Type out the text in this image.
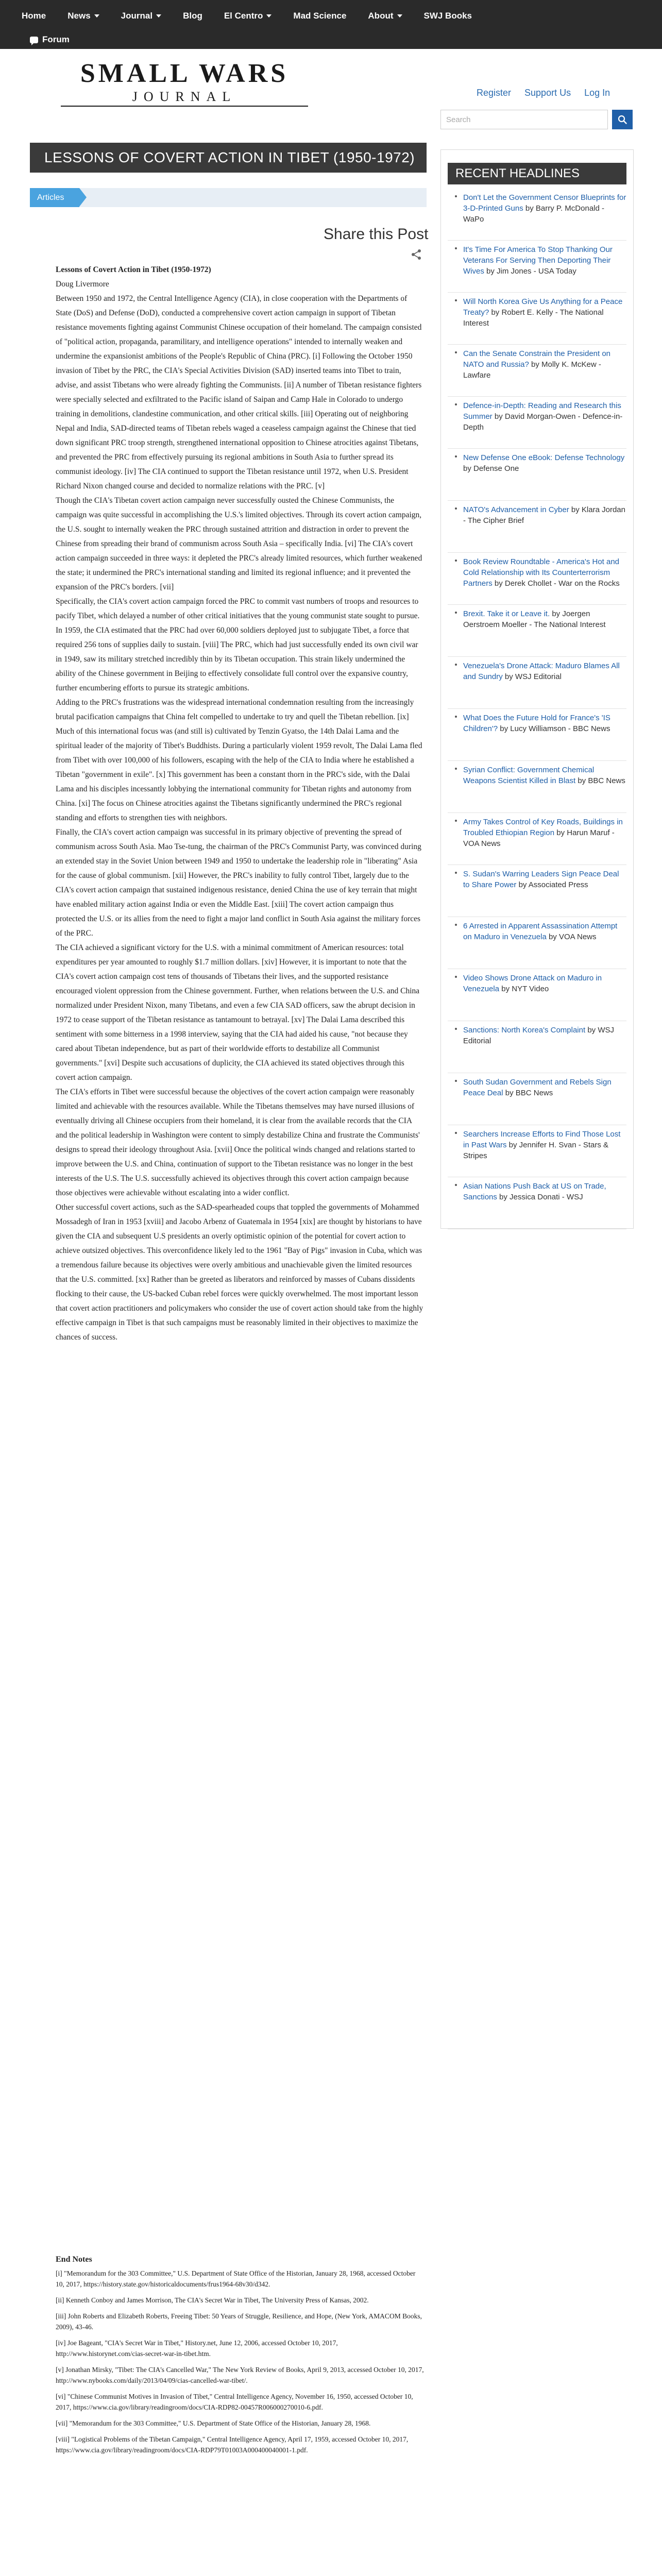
Home News	Journal	Blog El Centro	Mad Science About	SWJ Books
Forum
SMALL WARS
JOURNAL	Register Support Us Log In
Search
LESSONS OF COVERT ACTION IN TIBET (1950-1972)
Articles
Share this Post

Lessons of Covert Action in Tibet (1950-1972)

Doug Livermore

Between 1950 and 1972, the Central Intelligence Agency (CIA), in close cooperation with the Departments of State (DoS) and Defense (DoD), conducted a comprehensive covert action campaign in support of Tibetan resistance movements fighting against Communist Chinese occupation of their homeland. The campaign consisted of "political action, propaganda, paramilitary, and intelligence operations" intended to internally weaken and undermine the expansionist ambitions of the People's Republic of China (PRC). [i] Following the October 1950 invasion of Tibet by the PRC, the CIA's Special Activities Division (SAD) inserted teams into Tibet to train, advise, and assist Tibetans who were already fighting the Communists. [ii] A number of Tibetan resistance fighters were specially selected and exfiltrated to the Pacific island of Saipan and Camp Hale in Colorado to undergo training in demolitions, clandestine communication, and other critical skills. [iii] Operating out of neighboring Nepal and India, SAD-directed teams of Tibetan rebels waged a ceaseless campaign against the Chinese that tied down significant PRC troop strength, strengthened international opposition to Chinese atrocities against Tibetans, and prevented the PRC from effectively pursuing its regional ambitions in South Asia to further spread its communist ideology. [iv] The CIA continued to support the Tibetan resistance until 1972, when U.S. President Richard Nixon changed course and decided to normalize relations with the PRC. [v]

Though the CIA's Tibetan covert action campaign never successfully ousted the Chinese Communists, the campaign was quite successful in accomplishing the U.S.'s limited objectives. Through its covert action campaign, the U.S. sought to internally weaken the PRC through sustained attrition and distraction in order to prevent the Chinese from spreading their brand of communism across South Asia – specifically India. [vi] The CIA's covert action campaign succeeded in three ways: it depleted the PRC's already limited resources, which further weakened the state; it undermined the PRC's international standing and limited its regional influence; and it prevented the expansion of the PRC's borders. [vii]

Specifically, the CIA's covert action campaign forced the PRC to commit vast numbers of troops and resources to pacify Tibet, which delayed a number of other critical initiatives that the young communist state sought to pursue. In 1959, the CIA estimated that the PRC had over 60,000 soldiers deployed just to subjugate Tibet, a force that required 256 tons of supplies daily to sustain. [viii] The PRC, which had just successfully ended its own civil war in 1949, saw its military stretched incredibly thin by its Tibetan occupation. This strain likely undermined the ability of the Chinese government in Beijing to effectively consolidate full control over the expansive country, further encumbering efforts to pursue its strategic ambitions.

Adding to the PRC's frustrations was the widespread international condemnation resulting from the increasingly brutal pacification campaigns that China felt compelled to undertake to try and quell the Tibetan rebellion. [ix] Much of this international focus was (and still is) cultivated by Tenzin Gyatso, the 14th Dalai Lama and the spiritual leader of the majority of Tibet's Buddhists. During a particularly violent 1959 revolt, The Dalai Lama fled from Tibet with over 100,000 of his followers, escaping with the help of the CIA to India where he established a Tibetan "government in exile". [x] This government has been a constant thorn in the PRC's side, with the Dalai Lama and his disciples incessantly lobbying the international community for Tibetan rights and autonomy from China. [xi] The focus on Chinese atrocities against the Tibetans significantly undermined the PRC's regional standing and efforts to strengthen ties with neighbors.

Finally, the CIA's covert action campaign was successful in its primary objective of preventing the spread of communism across South Asia. Mao Tse-tung, the chairman of the PRC's Communist Party, was convinced during an extended stay in the Soviet Union between 1949 and 1950 to undertake the leadership role in "liberating" Asia for the cause of global communism. [xii] However, the PRC's inability to fully control Tibet, largely due to the CIA's covert action campaign that sustained indigenous resistance, denied China the use of key terrain that might have enabled military action against India or even the Middle East. [xiii] The covert action campaign thus protected the U.S. or its allies from the need to fight a major land conflict in South Asia against the military forces of the PRC.

The CIA achieved a significant victory for the U.S. with a minimal commitment of American resources: total expenditures per year amounted to roughly $1.7 million dollars. [xiv] However, it is important to note that the CIA's covert action campaign cost tens of thousands of Tibetans their lives, and the supported resistance encouraged violent oppression from the Chinese government. Further, when relations between the U.S. and China normalized under President Nixon, many Tibetans, and even a few CIA SAD officers, saw the abrupt decision in 1972 to cease support of the Tibetan resistance as tantamount to betrayal. [xv] The Dalai Lama described this sentiment with some bitterness in a 1998 interview, saying that the CIA had aided his cause, "not because they cared about Tibetan independence, but as part of their worldwide efforts to destabilize all Communist governments." [xvi] Despite such accusations of duplicity, the CIA achieved its stated objectives through this covert action campaign.

The CIA's efforts in Tibet were successful because the objectives of the covert action campaign were reasonably limited and achievable with the resources available. While the Tibetans themselves may have nursed illusions of eventually driving all Chinese occupiers from their homeland, it is clear from the available records that the CIA and the political leadership in Washington were content to simply destabilize China and frustrate the Communists' designs to spread their ideology throughout Asia. [xvii] Once the political winds changed and relations started to improve between the U.S. and China, continuation of support to the Tibetan resistance was no longer in the best interests of the U.S. The U.S. successfully achieved its objectives through this covert action campaign because those objectives were achievable without escalating into a wider conflict.

Other successful covert actions, such as the SAD-spearheaded coups that toppled the governments of Mohammed Mossadegh of Iran in 1953 [xviii] and Jacobo Arbenz of Guatemala in 1954 [xix] are thought by historians to have given the CIA and subsequent U.S presidents an overly optimistic opinion of the potential for covert action to achieve outsized objectives. This overconfidence likely led to the 1961 "Bay of Pigs" invasion in Cuba, which was a tremendous failure because its objectives were overly ambitious and unachievable given the limited resources that the U.S. committed. [xx] Rather than be greeted as liberators and reinforced by masses of Cubans dissidents flocking to their cause, the US-backed Cuban rebel forces were quickly overwhelmed. The most important lesson that covert action practitioners and policymakers who consider the use of covert action should take from the highly effective campaign in Tibet is that such campaigns must be reasonably limited in their objectives to maximize the chances of success.

End Notes
[i] "Memorandum for the 303 Committee," U.S. Department of State Office of the Historian, January 28, 1968, accessed October 10, 2017, https://history.state.gov/historicaldocuments/frus1964-68v30/d342.
[ii] Kenneth Conboy and James Morrison, The CIA's Secret War in Tibet, The University Press of Kansas, 2002.
[iii] John Roberts and Elizabeth Roberts, Freeing Tibet: 50 Years of Struggle, Resilience, and Hope, (New York, AMACOM Books, 2009), 43-46.
[iv] Joe Bageant, "CIA's Secret War in Tibet," History.net, June 12, 2006, accessed October 10, 2017, http://www.historynet.com/cias-secret-war-in-tibet.htm.
[v] Jonathan Mirsky, "Tibet: The CIA's Cancelled War," The New York Review of Books, April 9, 2013, accessed October 10, 2017, http://www.nybooks.com/daily/2013/04/09/cias-cancelled-war-tibet/.
[vi] "Chinese Communist Motives in Invasion of Tibet," Central Intelligence Agency, November 16, 1950, accessed October 10, 2017, https://www.cia.gov/library/readingroom/docs/CIA-RDP82-00457R006000270010-6.pdf.
[vii] "Memorandum for the 303 Committee," U.S. Department of State Office of the Historian, January 28, 1968.
[viii] "Logistical Problems of the Tibetan Campaign," Central Intelligence Agency, April 17, 1959, accessed October 10, 2017, https://www.cia.gov/library/readingroom/docs/CIA-RDP79T01003A000400040001-1.pdf.
RECENT HEADLINES
Don't Let the Government Censor Blueprints for 3-D-Printed Guns by Barry P. McDonald - WaPo
It's Time For America To Stop Thanking Our Veterans For Serving Then Deporting Their Wives by Jim Jones - USA Today
Will North Korea Give Us Anything for a Peace Treaty? by Robert E. Kelly - The National Interest
Can the Senate Constrain the President on NATO and Russia? by Molly K. McKew - Lawfare
Defence-in-Depth: Reading and Research this Summer by David Morgan-Owen - Defence-in-Depth
New Defense One eBook: Defense Technology by Defense One
NATO's Advancement in Cyber by Klara Jordan - The Cipher Brief
Book Review Roundtable - America's Hot and Cold Relationship with Its Counterterrorism Partners by Derek Chollet - War on the Rocks
Brexit. Take it or Leave it. by Joergen Oerstroem Moeller - The National Interest
Venezuela's Drone Attack: Maduro Blames All and Sundry by WSJ Editorial
What Does the Future Hold for France's 'IS Children'? by Lucy Williamson - BBC News
Syrian Conflict: Government Chemical Weapons Scientist Killed in Blast by BBC News
Army Takes Control of Key Roads, Buildings in Troubled Ethiopian Region by Harun Maruf - VOA News
S. Sudan's Warring Leaders Sign Peace Deal to Share Power by Associated Press
6 Arrested in Apparent Assassination Attempt on Maduro in Venezuela by VOA News
Video Shows Drone Attack on Maduro in Venezuela by NYT Video
Sanctions: North Korea's Complaint by WSJ Editorial
South Sudan Government and Rebels Sign Peace Deal by BBC News
Searchers Increase Efforts to Find Those Lost in Past Wars by Jennifer H. Svan - Stars & Stripes
Asian Nations Push Back at US on Trade, Sanctions by Jessica Donati - WSJ
